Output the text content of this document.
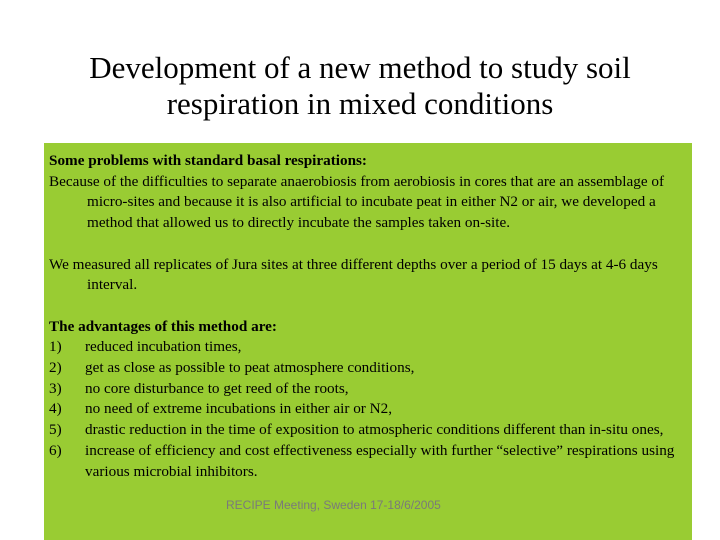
Development of a new method to study soil respiration in mixed conditions

Some problems with standard basal respirations:

Because of the difficulties to separate anaerobiosis from aerobiosis in cores that are an assemblage of micro-sites and because it is also artificial to incubate peat in either N2 or air, we developed a method that allowed us to directly incubate the samples taken on-site.

We measured all replicates of Jura sites at three different depths over a period of 15 days at 4-6 days interval.

The advantages of this method are:

1)	reduced incubation times,
2)	get as close as possible to peat atmosphere conditions,
3)	no core disturbance to get reed of the roots,
4)	no need of extreme incubations in either air or N2,
5)	drastic reduction in the time of exposition to atmospheric conditions different than in-situ ones,
6)	increase of efficiency and cost effectiveness especially with further “selective” respirations using various microbial inhibitors.
RECIPE Meeting, Sweden 17-18/6/2005
